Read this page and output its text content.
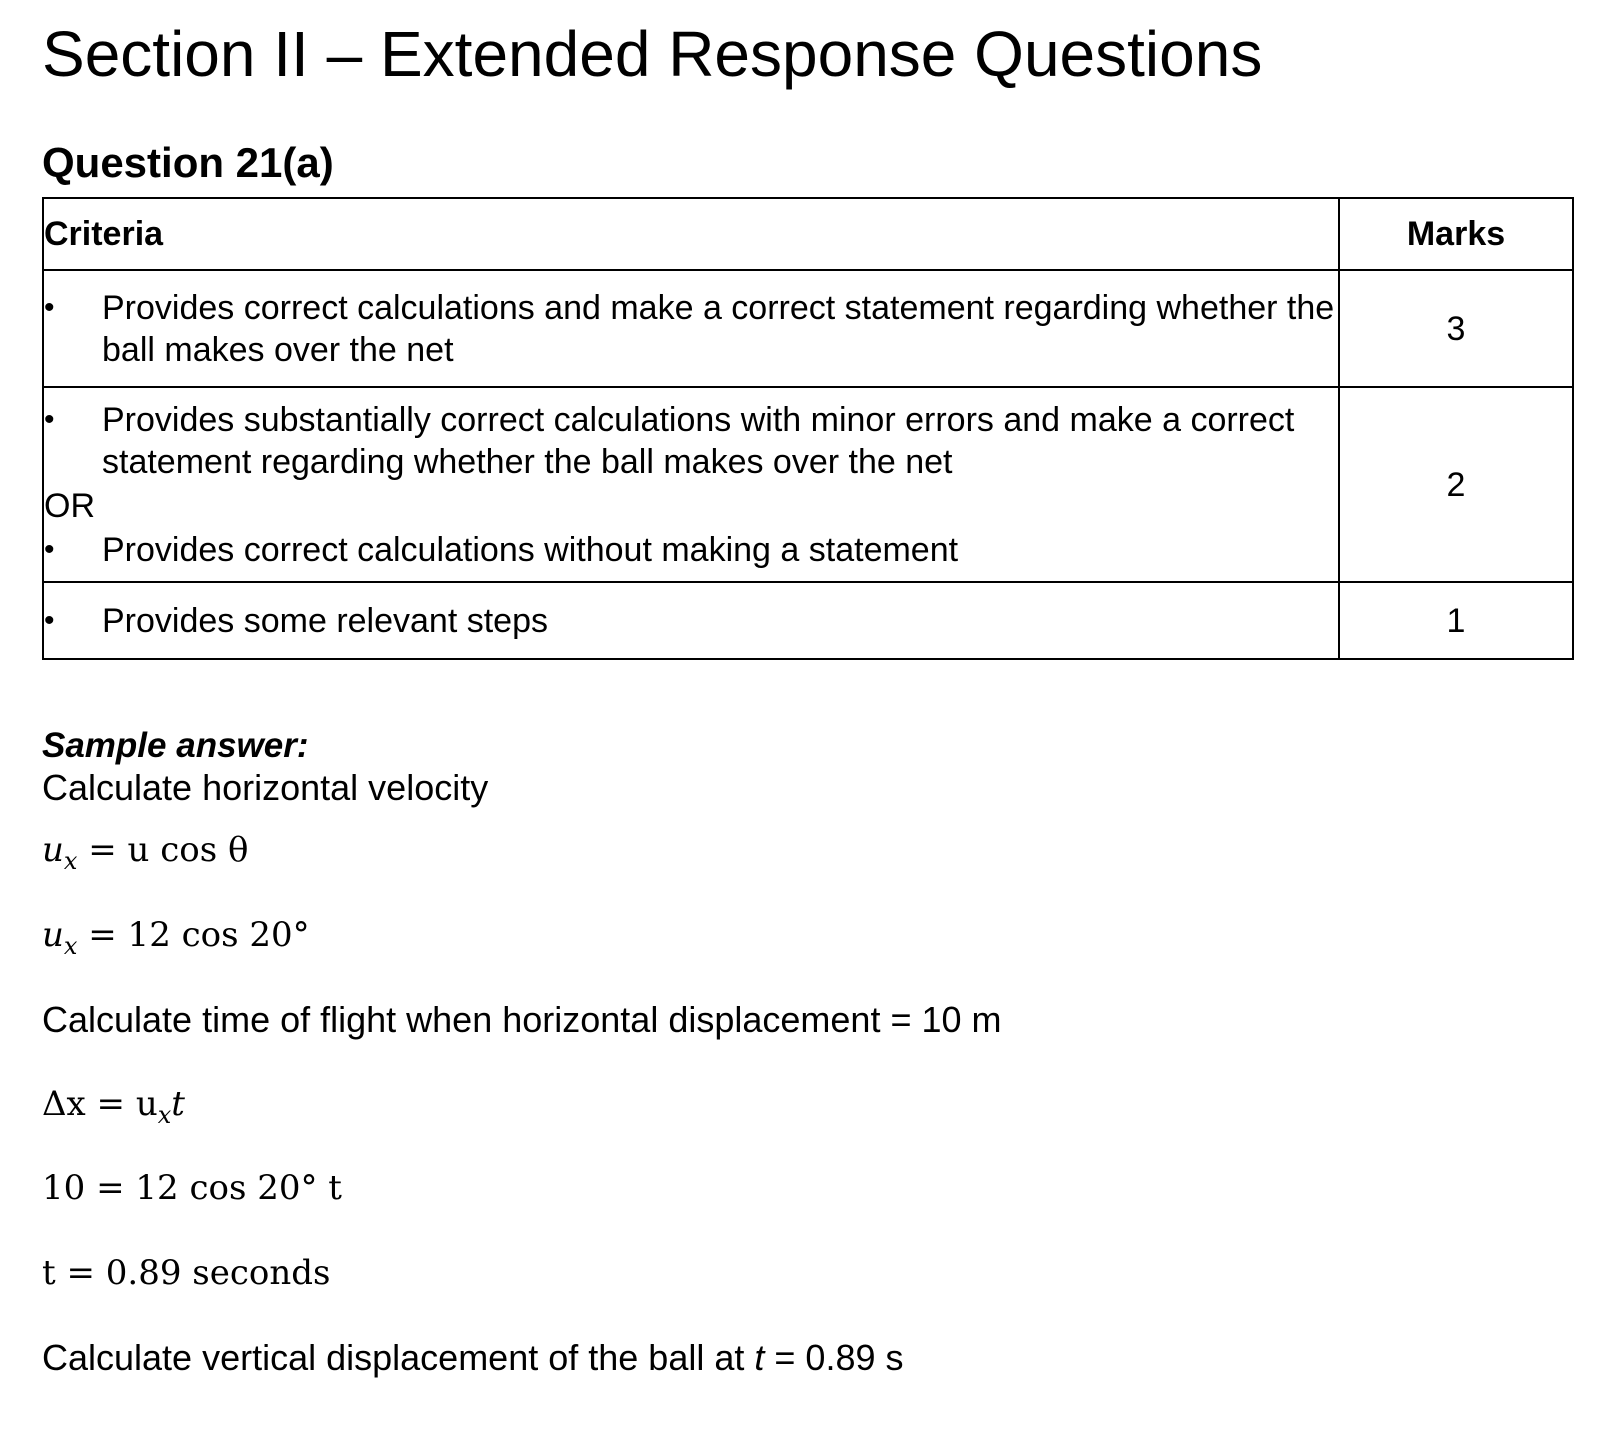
Section II – Extended Response Questions
Question 21(a)
Criteria	Marks

• Provides correct calculations and make a correct statement regarding whether the ball makes over the net	3

• Provides substantially correct calculations with minor errors and make a correct statement regarding whether the ball makes over the net
OR
• Provides correct calculations without making a statement	2

• Provides some relevant steps	1
Sample answer:
Calculate horizontal velocity
$u_x = u$ cos θ
$u_x = 12$ cos 20°
Calculate time of flight when horizontal displacement = 10 m
$\Delta x = u_xt$
10 = 12 cos 20° t
t = 0.89 seconds
Calculate vertical displacement of the ball at t = 0.89 s
